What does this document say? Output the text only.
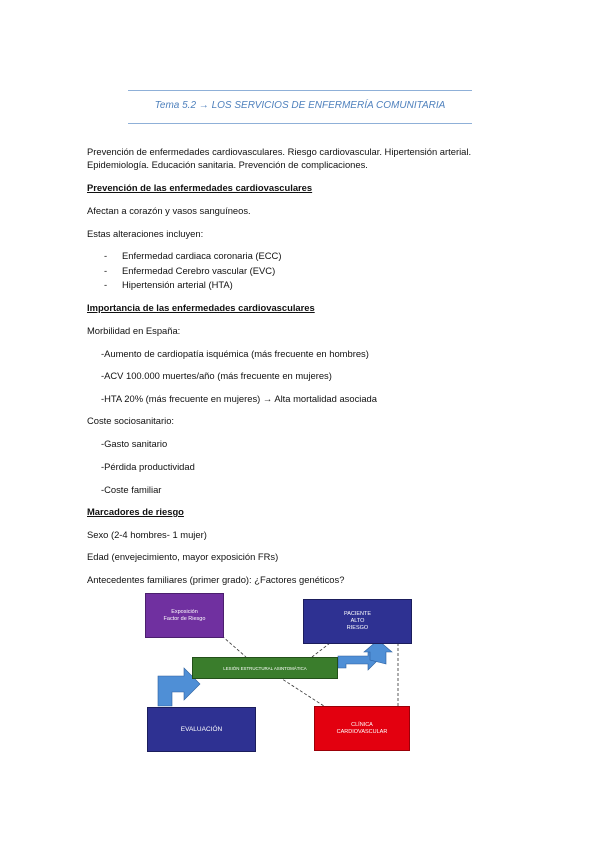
Tema 5.2 → LOS SERVICIOS DE ENFERMERÍA COMUNITARIA
Prevención de enfermedades cardiovasculares. Riesgo cardiovascular. Hipertensión arterial.
Epidemiología. Educación sanitaria. Prevención de complicaciones.
Prevención de las enfermedades cardiovasculares
Afectan a corazón y vasos sanguíneos.
Estas alteraciones incluyen:
- Enfermedad cardiaca coronaria (ECC)
- Enfermedad Cerebro vascular (EVC)
- Hipertensión arterial (HTA)
Importancia de las enfermedades cardiovasculares
Morbilidad en España:
-Aumento de cardiopatía isquémica (más frecuente en hombres)
-ACV 100.000 muertes/año (más frecuente en mujeres)
-HTA 20% (más frecuente en mujeres) → Alta mortalidad asociada
Coste sociosanitario:
-Gasto sanitario
-Pérdida productividad
-Coste familiar
Marcadores de riesgo
Sexo (2-4 hombres- 1 mujer)
Edad (envejecimiento, mayor exposición FRs)
Antecedentes familiares (primer grado): ¿Factores genéticos?
Exposición
Factor de Riesgo
PACIENTE
ALTO
RIESGO
LESIÓN ESTRUCTURAL ASINTOMÁTICA
EVALUACIÓN
CLÍNICA
CARDIOVASCULAR
